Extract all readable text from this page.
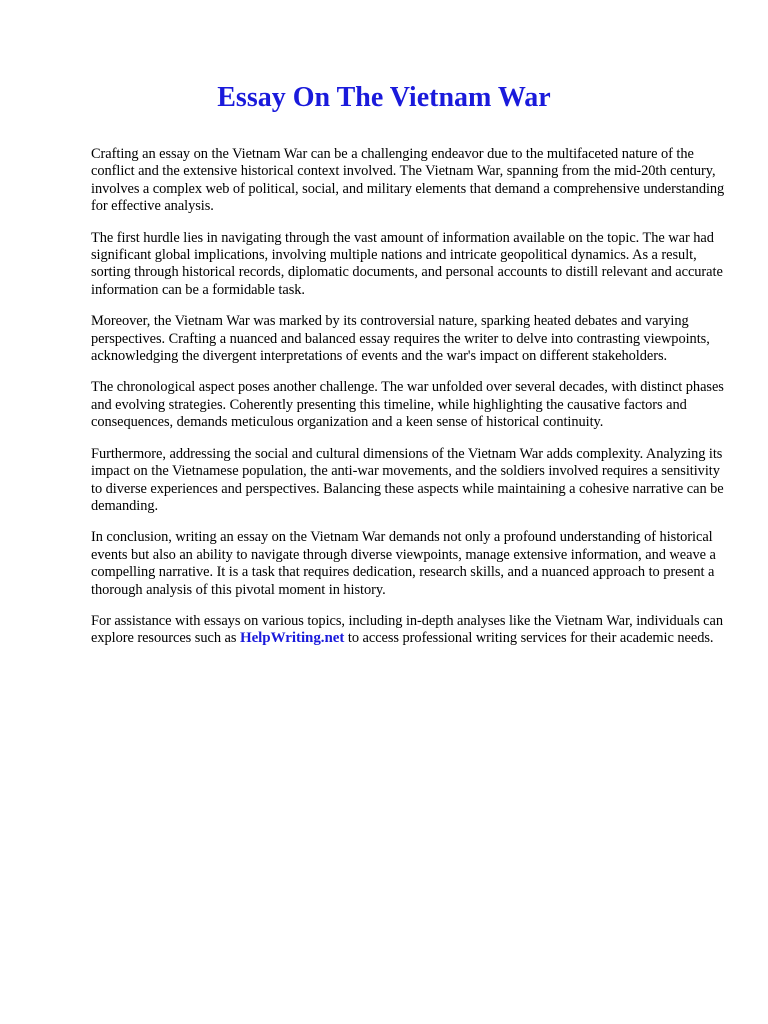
Essay On The Vietnam War

Crafting an essay on the Vietnam War can be a challenging endeavor due to the multifaceted nature of the conflict and the extensive historical context involved. The Vietnam War, spanning from the mid-20th century, involves a complex web of political, social, and military elements that demand a comprehensive understanding for effective analysis.

The first hurdle lies in navigating through the vast amount of information available on the topic. The war had significant global implications, involving multiple nations and intricate geopolitical dynamics. As a result, sorting through historical records, diplomatic documents, and personal accounts to distill relevant and accurate information can be a formidable task.

Moreover, the Vietnam War was marked by its controversial nature, sparking heated debates and varying perspectives. Crafting a nuanced and balanced essay requires the writer to delve into contrasting viewpoints, acknowledging the divergent interpretations of events and the war's impact on different stakeholders.

The chronological aspect poses another challenge. The war unfolded over several decades, with distinct phases and evolving strategies. Coherently presenting this timeline, while highlighting the causative factors and consequences, demands meticulous organization and a keen sense of historical continuity.

Furthermore, addressing the social and cultural dimensions of the Vietnam War adds complexity. Analyzing its impact on the Vietnamese population, the anti-war movements, and the soldiers involved requires a sensitivity to diverse experiences and perspectives. Balancing these aspects while maintaining a cohesive narrative can be demanding.

In conclusion, writing an essay on the Vietnam War demands not only a profound understanding of historical events but also an ability to navigate through diverse viewpoints, manage extensive information, and weave a compelling narrative. It is a task that requires dedication, research skills, and a nuanced approach to present a thorough analysis of this pivotal moment in history.

For assistance with essays on various topics, including in-depth analyses like the Vietnam War, individuals can explore resources such as HelpWriting.net to access professional writing services for their academic needs.
